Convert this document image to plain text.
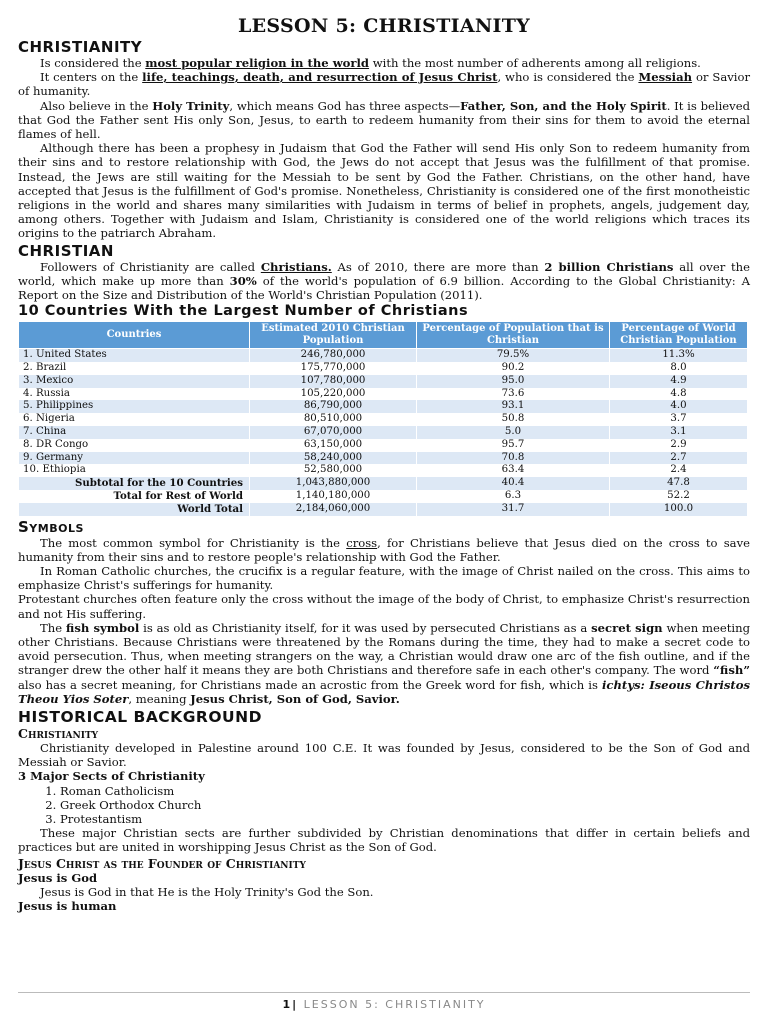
LESSON 5: CHRISTIANITY
CHRISTIANITY

Is considered the most popular religion in the world with the most number of adherents among all religions.

It centers on the life, teachings, death, and resurrection of Jesus Christ, who is considered the Messiah or Savior of humanity.

Also believe in the Holy Trinity, which means God has three aspects—Father, Son, and the Holy Spirit. It is believed that God the Father sent His only Son, Jesus, to earth to redeem humanity from their sins for them to avoid the eternal flames of hell.

Although there has been a prophesy in Judaism that God the Father will send His only Son to redeem humanity from their sins and to restore relationship with God, the Jews do not accept that Jesus was the fulfillment of that promise. Instead, the Jews are still waiting for the Messiah to be sent by God the Father. Christians, on the other hand, have accepted that Jesus is the fulfillment of God's promise. Nonetheless, Christianity is considered one of the first monotheistic religions in the world and shares many similarities with Judaism in terms of belief in prophets, angels, judgement day, among others. Together with Judaism and Islam, Christianity is considered one of the world religions which traces its origins to the patriarch Abraham.

CHRISTIAN

Followers of Christianity are called Christians. As of 2010, there are more than 2 billion Christians all over the world, which make up more than 30% of the world's population of 6.9 billion. According to the Global Christianity: A Report on the Size and Distribution of the World's Christian Population (2011).

10 Countries With the Largest Number of Christians
Countries	Estimated 2010 Christian Population	Percentage of Population that is Christian	Percentage of World Christian Population
1. United States	246,780,000	79.5%	11.3%
2. Brazil	175,770,000	90.2	8.0
3. Mexico	107,780,000	95.0	4.9
4. Russia	105,220,000	73.6	4.8
5. Philippines	86,790,000	93.1	4.0
6. Nigeria	80,510,000	50.8	3.7
7. China	67,070,000	5.0	3.1
8. DR Congo	63,150,000	95.7	2.9
9. Germany	58,240,000	70.8	2.7
10. Ethiopia	52,580,000	63.4	2.4
Subtotal for the 10 Countries	1,043,880,000	40.4	47.8
Total for Rest of World	1,140,180,000	6.3	52.2
World Total	2,184,060,000	31.7	100.0
Symbols

The most common symbol for Christianity is the cross, for Christians believe that Jesus died on the cross to save humanity from their sins and to restore people's relationship with God the Father.

In Roman Catholic churches, the crucifix is a regular feature, with the image of Christ nailed on the cross. This aims to emphasize Christ's sufferings for humanity.

Protestant churches often feature only the cross without the image of the body of Christ, to emphasize Christ's resurrection and not His suffering.

The fish symbol is as old as Christianity itself, for it was used by persecuted Christians as a secret sign when meeting other Christians. Because Christians were threatened by the Romans during the time, they had to make a secret code to avoid persecution. Thus, when meeting strangers on the way, a Christian would draw one arc of the fish outline, and if the stranger drew the other half it means they are both Christians and therefore safe in each other's company. The word “fish” also has a secret meaning, for Christians made an acrostic from the Greek word for fish, which is ichtys: Iseous Christos Theou Yios Soter, meaning Jesus Christ, Son of God, Savior.

HISTORICAL BACKGROUND
Christianity

Christianity developed in Palestine around 100 C.E. It was founded by Jesus, considered to be the Son of God and Messiah or Savior.

3 Major Sects of Christianity
1. Roman Catholicism
2. Greek Orthodox Church
3. Protestantism

These major Christian sects are further subdivided by Christian denominations that differ in certain beliefs and practices but are united in worshipping Jesus Christ as the Son of God.

Jesus Christ as the Founder of Christianity
Jesus is God

Jesus is God in that He is the Holy Trinity's God the Son.

Jesus is human
1| LESSON 5: CHRISTIANITY
